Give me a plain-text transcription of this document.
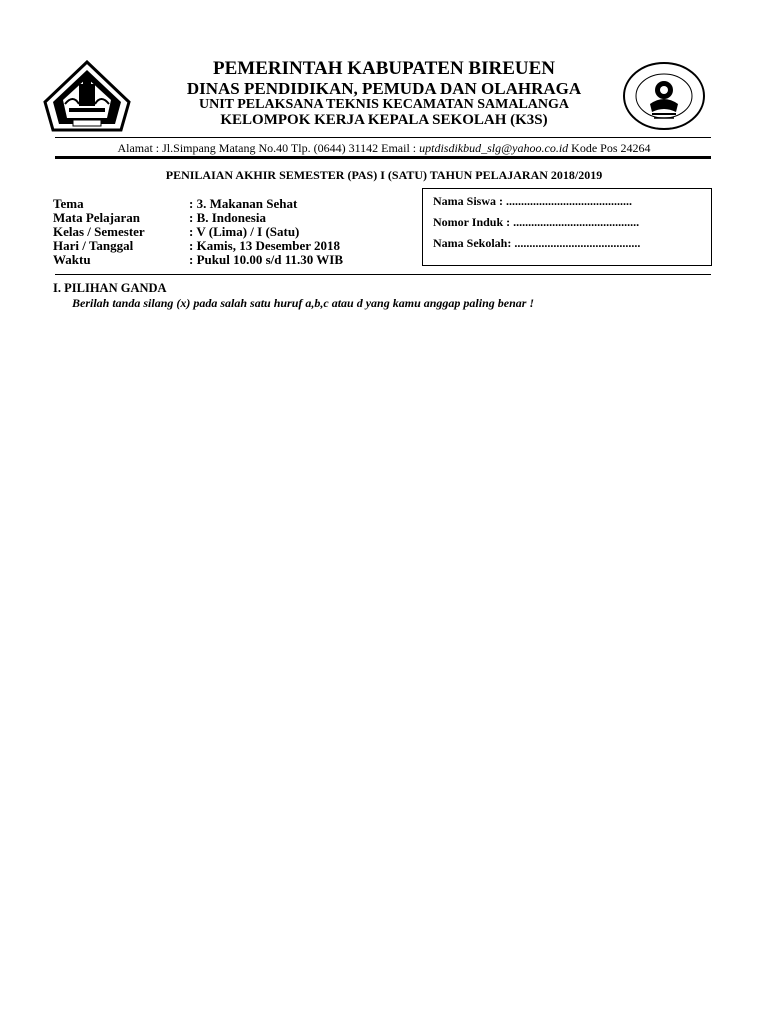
PEMERINTAH KABUPATEN BIREUEN
DINAS PENDIDIKAN, PEMUDA DAN OLAHRAGA
UNIT PELAKSANA TEKNIS KECAMATAN SAMALANGA
KELOMPOK KERJA KEPALA SEKOLAH (K3S)
Alamat : Jl.Simpang Matang No.40 Tlp. (0644) 31142 Email : uptdisdikbud_slg@yahoo.co.id Kode Pos 24264
PENILAIAN AKHIR SEMESTER (PAS) I (SATU) TAHUN PELAJARAN 2018/2019
Tema	: 3. Makanan Sehat
Mata Pelajaran	: B. Indonesia
Kelas / Semester	: V (Lima) / I (Satu)
Hari / Tanggal	: Kamis, 13 Desember 2018
Waktu	: Pukul 10.00 s/d 11.30 WIB
Nama Siswa : ..........................................
Nomor Induk : ..........................................
Nama Sekolah: ..........................................
I. PILIHAN GANDA
Berilah tanda silang (x) pada salah satu huruf a,b,c atau d yang kamu anggap paling benar !
